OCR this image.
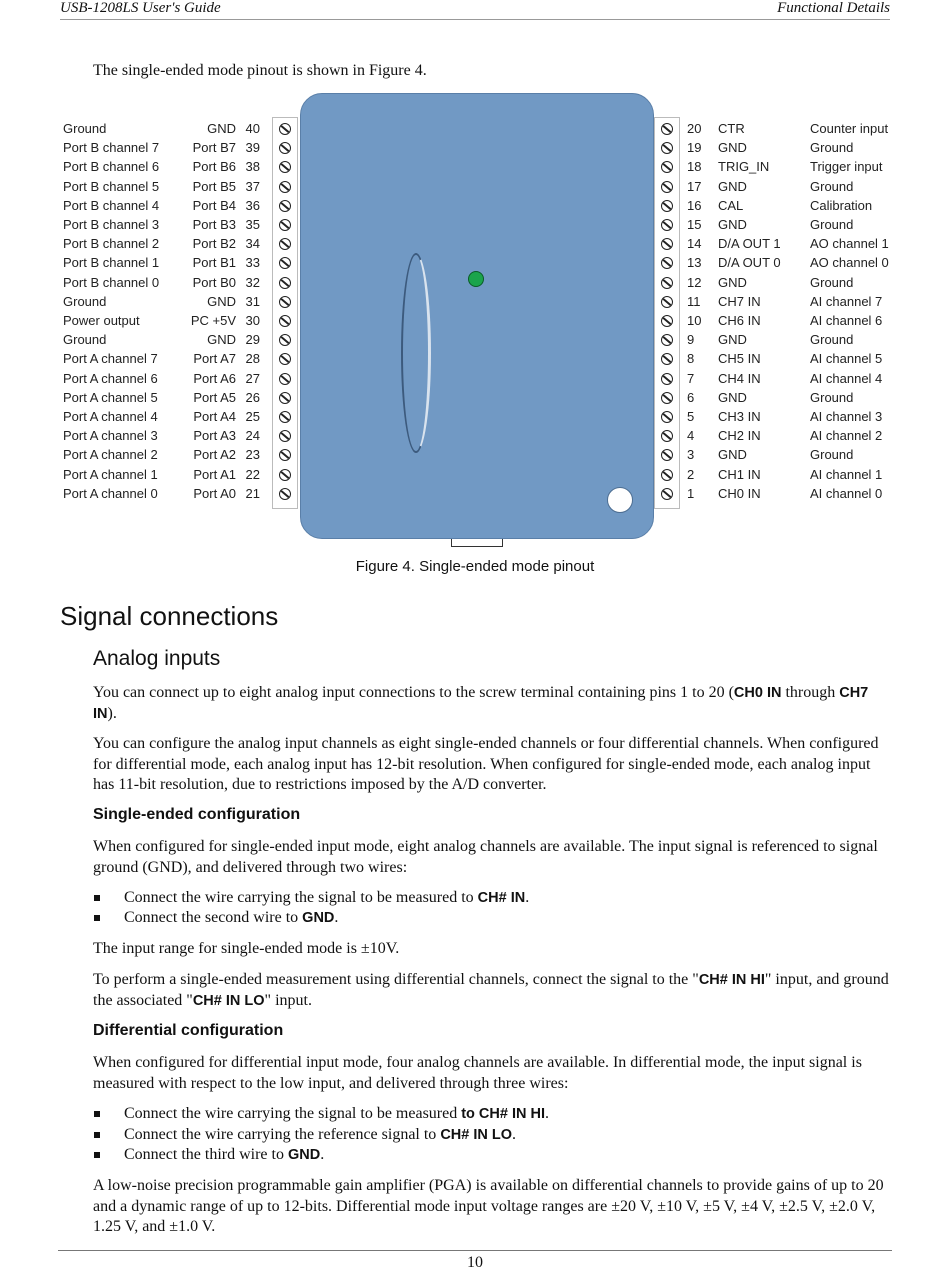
USB-1208LS User's Guide	Functional Details
The single-ended mode pinout is shown in Figure 4.
Ground	GND 40
Port B channel 7	Port B7 39
Port B channel 6	Port B6 38
Port B channel 5	Port B5 37
Port B channel 4	Port B4 36
Port B channel 3	Port B3 35
Port B channel 2	Port B2 34
Port B channel 1	Port B1 33
Port B channel 0	Port B0 32
Ground	GND 31
Power output	PC +5V 30
Ground	GND 29
Port A channel 7	Port A7 28
Port A channel 6	Port A6 27
Port A channel 5	Port A5 26
Port A channel 4	Port A4 25
Port A channel 3	Port A3 24
Port A channel 2	Port A2 23
Port A channel 1	Port A1 22
Port A channel 0	Port A0 21
20 CTR	Counter input
19 GND	Ground
18 TRIG_IN	Trigger input
17 GND	Ground
16 CAL	Calibration
15 GND	Ground
14 D/A OUT 1 AO channel 1
13 D/A OUT 0 AO channel 0
12 GND	Ground
11 CH7 IN	AI channel 7
10 CH6 IN	AI channel 6
9 GND	Ground
8 CH5 IN	AI channel 5
7 CH4 IN	AI channel 4
6 GND	Ground
5 CH3 IN	AI channel 3
4 CH2 IN	AI channel 2
3 GND	Ground
2 CH1 IN	AI channel 1
1 CH0 IN	AI channel 0
Figure 4. Single-ended mode pinout
Signal connections
Analog inputs

You can connect up to eight analog input connections to the screw terminal containing pins 1 to 20 (CH0 IN through CH7 IN).

You can configure the analog input channels as eight single-ended channels or four differential channels. When configured for differential mode, each analog input has 12-bit resolution. When configured for single-ended mode, each analog input has 11-bit resolution, due to restrictions imposed by the A/D converter.

Single-ended configuration

When configured for single-ended input mode, eight analog channels are available. The input signal is referenced to signal ground (GND), and delivered through two wires:

Connect the wire carrying the signal to be measured to CH# IN.
Connect the second wire to GND.

The input range for single-ended mode is ±10V.

To perform a single-ended measurement using differential channels, connect the signal to the "CH# IN HI" input, and ground the associated "CH# IN LO" input.

Differential configuration

When configured for differential input mode, four analog channels are available. In differential mode, the input signal is measured with respect to the low input, and delivered through three wires:

Connect the wire carrying the signal to be measured to CH# IN HI.
Connect the wire carrying the reference signal to CH# IN LO.
Connect the third wire to GND.

A low-noise precision programmable gain amplifier (PGA) is available on differential channels to provide gains of up to 20 and a dynamic range of up to 12-bits. Differential mode input voltage ranges are ±20 V, ±10 V, ±5 V, ±4 V, ±2.5 V, ±2.0 V, 1.25 V, and ±1.0 V.

10
